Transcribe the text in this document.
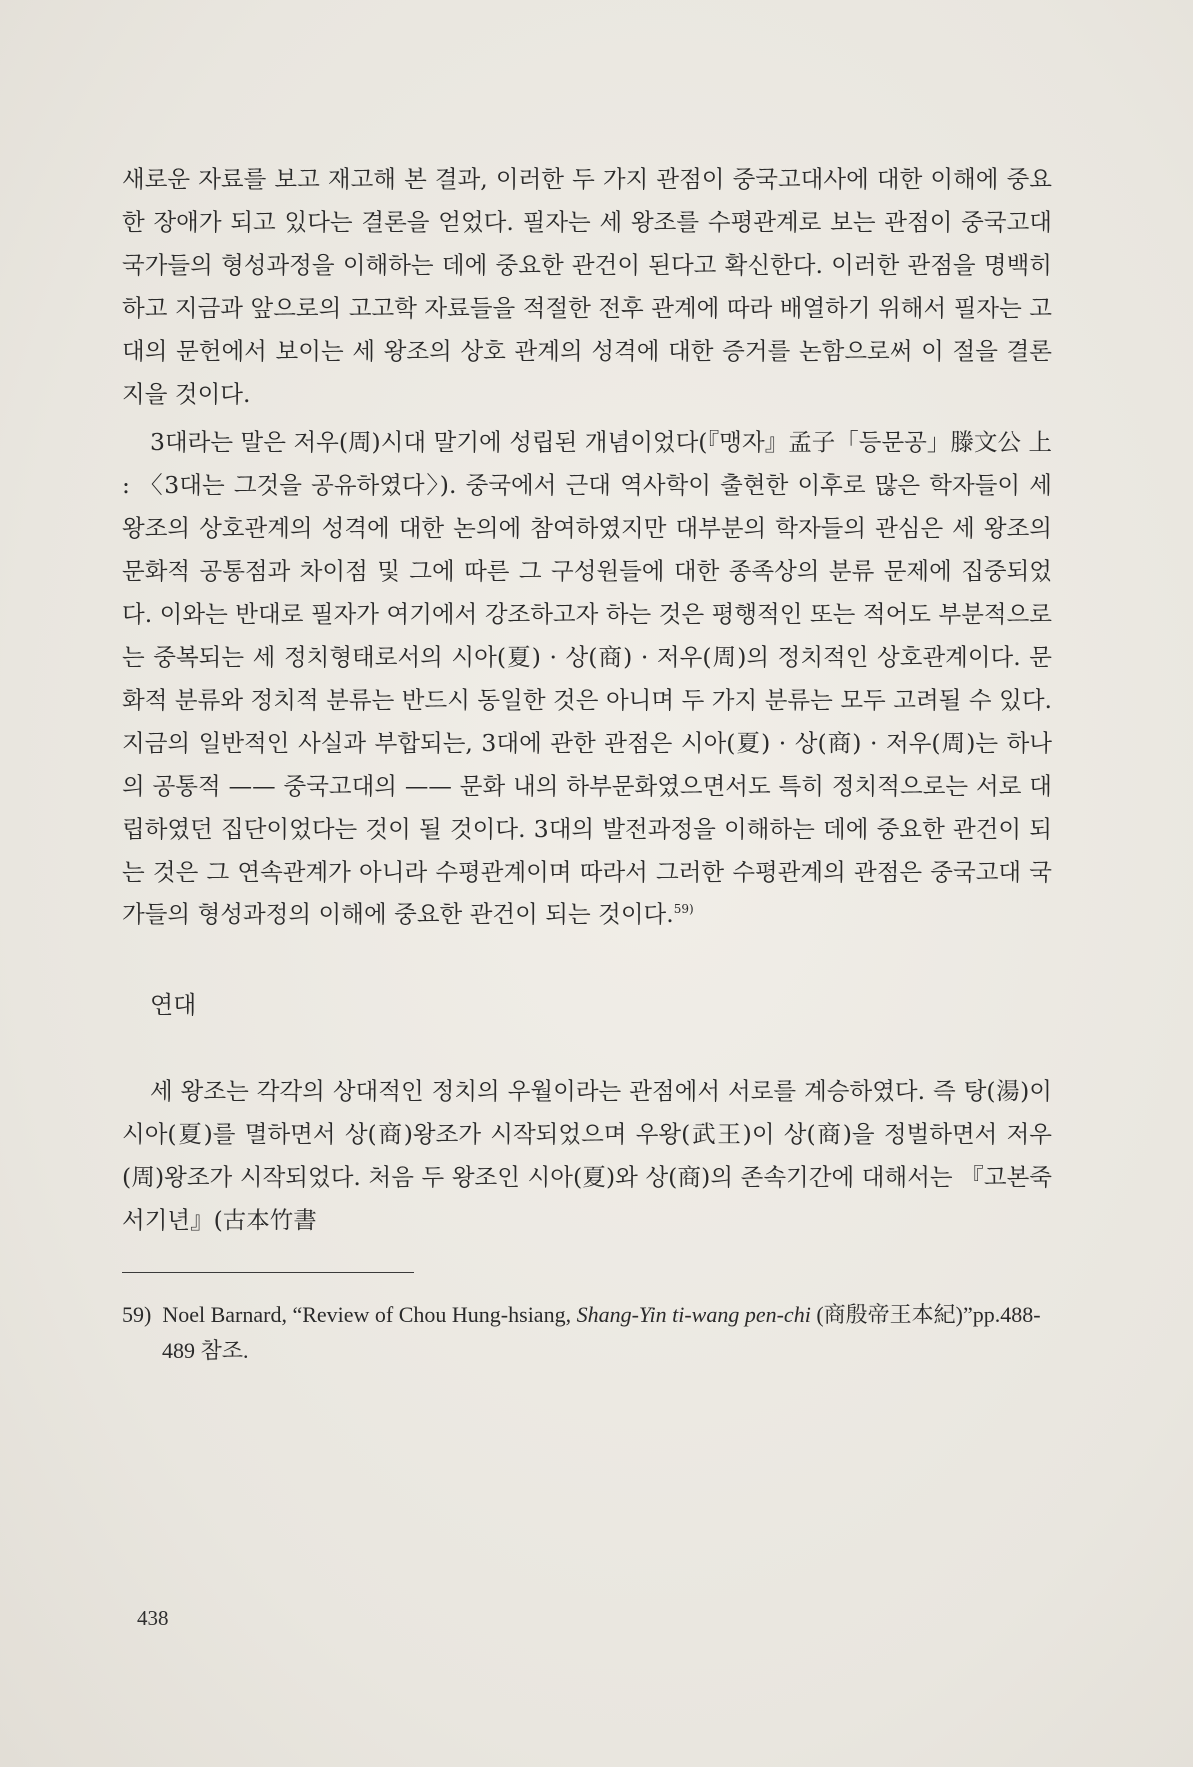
새로운 자료를 보고 재고해 본 결과, 이러한 두 가지 관점이 중국고대사에 대한 이해에 중요한 장애가 되고 있다는 결론을 얻었다. 필자는 세 왕조를 수평관계로 보는 관점이 중국고대 국가들의 형성과정을 이해하는 데에 중요한 관건이 된다고 확신한다. 이러한 관점을 명백히 하고 지금과 앞으로의 고고학 자료들을 적절한 전후 관계에 따라 배열하기 위해서 필자는 고대의 문헌에서 보이는 세 왕조의 상호 관계의 성격에 대한 증거를 논함으로써 이 절을 결론지을 것이다.

3대라는 말은 저우(周)시대 말기에 성립된 개념이었다(『맹자』孟子「등문공」滕文公 上 : 〈3대는 그것을 공유하였다〉). 중국에서 근대 역사학이 출현한 이후로 많은 학자들이 세 왕조의 상호관계의 성격에 대한 논의에 참여하였지만 대부분의 학자들의 관심은 세 왕조의 문화적 공통점과 차이점 및 그에 따른 그 구성원들에 대한 종족상의 분류 문제에 집중되었다. 이와는 반대로 필자가 여기에서 강조하고자 하는 것은 평행적인 또는 적어도 부분적으로는 중복되는 세 정치형태로서의 시아(夏) · 상(商) · 저우(周)의 정치적인 상호관계이다. 문화적 분류와 정치적 분류는 반드시 동일한 것은 아니며 두 가지 분류는 모두 고려될 수 있다. 지금의 일반적인 사실과 부합되는, 3대에 관한 관점은 시아(夏) · 상(商) · 저우(周)는 하나의 공통적 —— 중국고대의 —— 문화 내의 하부문화였으면서도 특히 정치적으로는 서로 대립하였던 집단이었다는 것이 될 것이다. 3대의 발전과정을 이해하는 데에 중요한 관건이 되는 것은 그 연속관계가 아니라 수평관계이며 따라서 그러한 수평관계의 관점은 중국고대 국가들의 형성과정의 이해에 중요한 관건이 되는 것이다.$^{59)}$

연대

세 왕조는 각각의 상대적인 정치의 우월이라는 관점에서 서로를 계승하였다. 즉 탕(湯)이 시아(夏)를 멸하면서 상(商)왕조가 시작되었으며 우왕(武王)이 상(商)을 정벌하면서 저우(周)왕조가 시작되었다. 처음 두 왕조인 시아(夏)와 상(商)의 존속기간에 대해서는 『고본죽서기년』(古本竹書

59) Noel Barnard, “Review of Chou Hung-hsiang, Shang-Yin ti-wang pen-chi (商殷帝王本紀)”pp.488-489 참조.

438
